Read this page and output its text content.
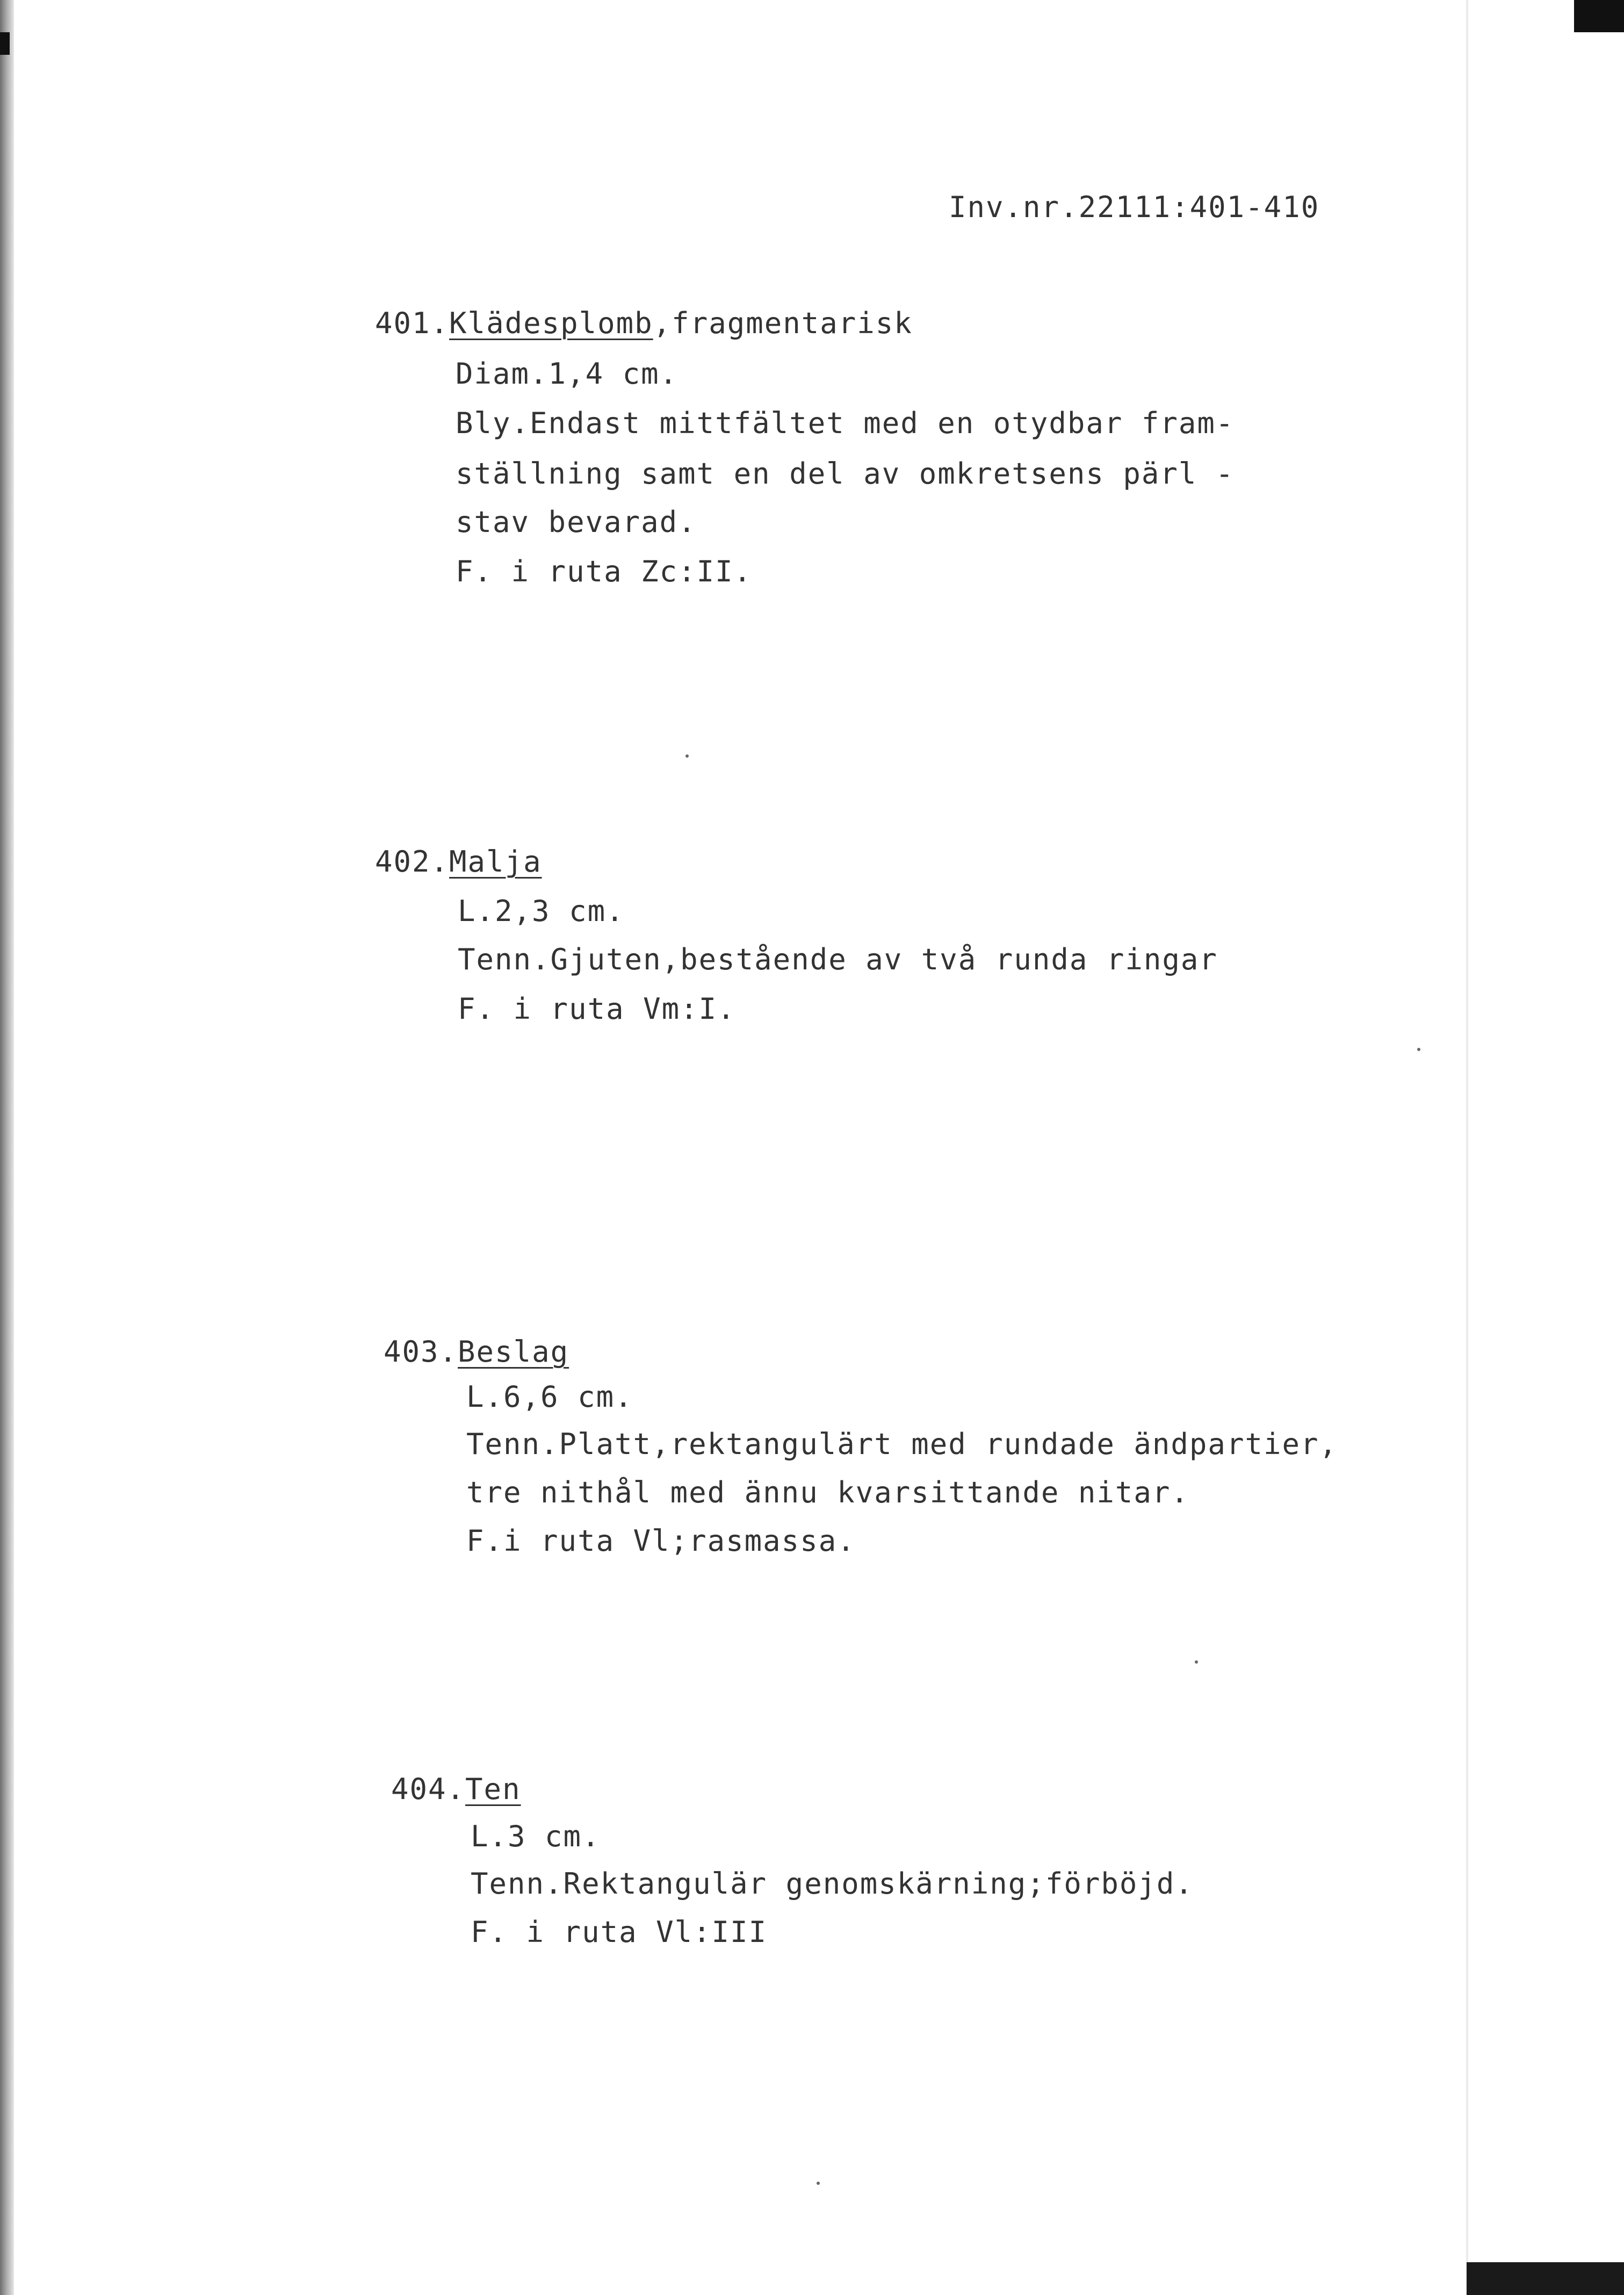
Inv.nr.22111:401-410
401.Klädesplomb,fragmentarisk
Diam.1,4 cm.
Bly.Endast mittfältet med en otydbar fram-
ställning samt en del av omkretsens pärl -
stav bevarad.
F. i ruta Zc:II.
402.Malja
L.2,3 cm.
Tenn.Gjuten,bestående av två runda ringar
F. i ruta Vm:I.
403.Beslag
L.6,6 cm.
Tenn.Platt,rektangulärt med rundade ändpartier,
tre nithål med ännu kvarsittande nitar.
F.i ruta Vl;rasmassa.
404.Ten
L.3 cm.
Tenn.Rektangulär genomskärning;förböjd.
F. i ruta Vl:III
